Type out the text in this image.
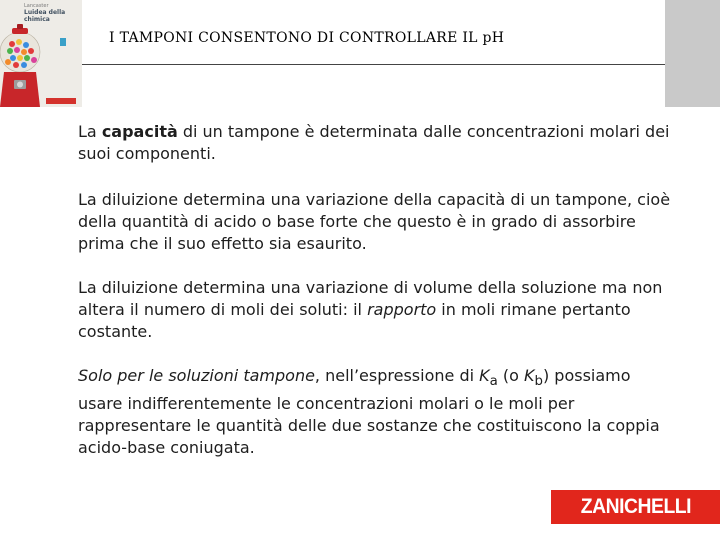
Lancaster
Luidea della chimica
I TAMPONI CONSENTONO DI CONTROLLARE IL pH

La capacità di un tampone è determinata dalle concentrazioni molari dei suoi componenti.

La diluizione determina una variazione della capacità di un tampone, cioè della quantità di acido o base forte che questo è in grado di assorbire prima che il suo effetto sia esaurito.

La diluizione determina una variazione di volume della soluzione ma non altera il numero di moli dei soluti: il rapporto in moli rimane pertanto costante.

Solo per le soluzioni tampone, nell’espressione di $K_a$ (o $K_b$) possiamo usare indifferentemente le concentrazioni molari o le moli per rappresentare le quantità delle due sostanze che costituiscono la coppia acido-base coniugata.

ZANICHELLI
